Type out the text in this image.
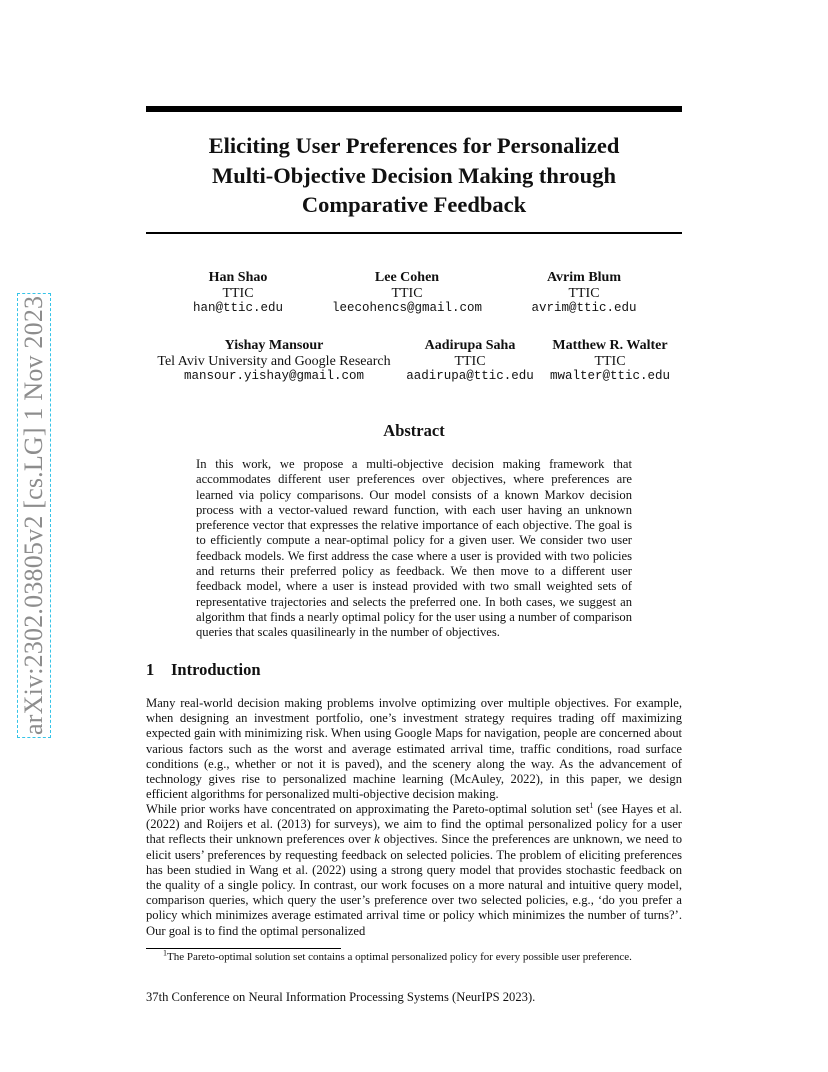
arXiv:2302.03805v2 [cs.LG] 1 Nov 2023
Eliciting User Preferences for Personalized
Multi-Objective Decision Making through
Comparative Feedback
Han Shao
TTIC
han@ttic.edu
Lee Cohen
TTIC
leecohencs@gmail.com
Avrim Blum
TTIC
avrim@ttic.edu
Yishay Mansour
Tel Aviv University and Google Research
mansour.yishay@gmail.com
Aadirupa Saha
TTIC
aadirupa@ttic.edu
Matthew R. Walter
TTIC
mwalter@ttic.edu
Abstract
In this work, we propose a multi-objective decision making framework that accommodates different user preferences over objectives, where preferences are learned via policy comparisons. Our model consists of a known Markov decision process with a vector-valued reward function, with each user having an unknown preference vector that expresses the relative importance of each objective. The goal is to efficiently compute a near-optimal policy for a given user. We consider two user feedback models. We first address the case where a user is provided with two policies and returns their preferred policy as feedback. We then move to a different user feedback model, where a user is instead provided with two small weighted sets of representative trajectories and selects the preferred one. In both cases, we suggest an algorithm that finds a nearly optimal policy for the user using a number of comparison queries that scales quasilinearly in the number of objectives.
1 Introduction

Many real-world decision making problems involve optimizing over multiple objectives. For example, when designing an investment portfolio, one’s investment strategy requires trading off maximizing expected gain with minimizing risk. When using Google Maps for navigation, people are concerned about various factors such as the worst and average estimated arrival time, traffic conditions, road surface conditions (e.g., whether or not it is paved), and the scenery along the way. As the advancement of technology gives rise to personalized machine learning (McAuley, 2022), in this paper, we design efficient algorithms for personalized multi-objective decision making.

While prior works have concentrated on approximating the Pareto-optimal solution set$^1$ (see Hayes et al. (2022) and Roijers et al. (2013) for surveys), we aim to find the optimal personalized policy for a user that reflects their unknown preferences over k objectives. Since the preferences are unknown, we need to elicit users’ preferences by requesting feedback on selected policies. The problem of eliciting preferences has been studied in Wang et al. (2022) using a strong query model that provides stochastic feedback on the quality of a single policy. In contrast, our work focuses on a more natural and intuitive query model, comparison queries, which query the user’s preference over two selected policies, e.g., ‘do you prefer a policy which minimizes average estimated arrival time or policy which minimizes the number of turns?’. Our goal is to find the optimal personalized

$^1$The Pareto-optimal solution set contains a optimal personalized policy for every possible user preference.
37th Conference on Neural Information Processing Systems (NeurIPS 2023).
